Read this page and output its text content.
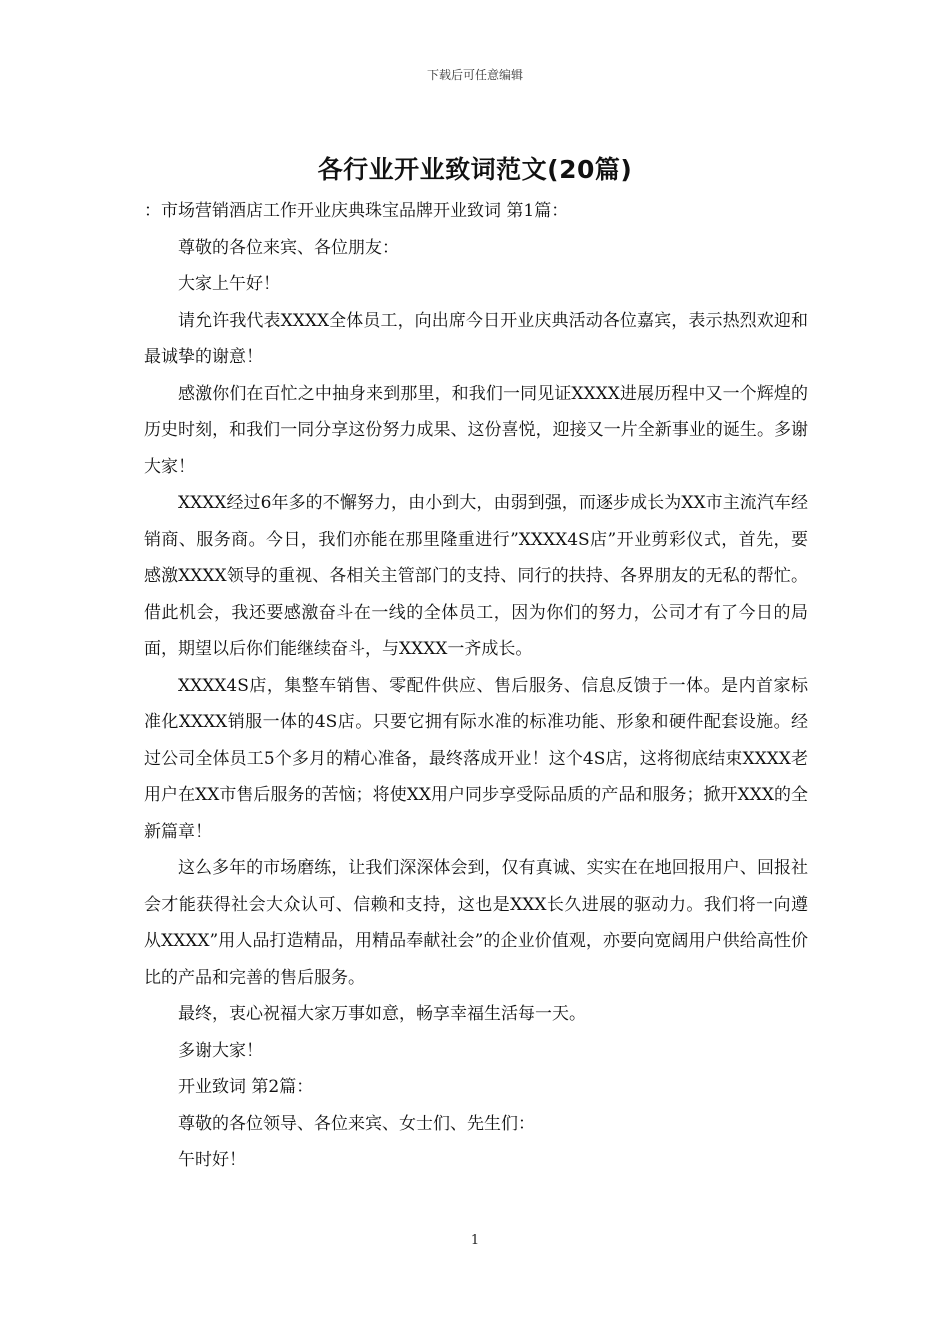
下载后可任意编辑
各行业开业致词范文(20篇)

：市场营销酒店工作开业庆典珠宝品牌开业致词 第1篇：

尊敬的各位来宾、各位朋友：

大家上午好！

请允许我代表XXXX全体员工，向出席今日开业庆典活动各位嘉宾，表示热烈欢迎和最诚挚的谢意！

感激你们在百忙之中抽身来到那里，和我们一同见证XXXX进展历程中又一个辉煌的历史时刻，和我们一同分享这份努力成果、这份喜悦，迎接又一片全新事业的诞生。多谢大家！

XXXX经过6年多的不懈努力，由小到大，由弱到强，而逐步成长为XX市主流汽车经销商、服务商。今日，我们亦能在那里隆重进行”XXXX4S店”开业剪彩仪式，首先，要感激XXXX领导的重视、各相关主管部门的支持、同行的扶持、各界朋友的无私的帮忙。借此机会，我还要感激奋斗在一线的全体员工，因为你们的努力，公司才有了今日的局面，期望以后你们能继续奋斗，与XXXX一齐成长。

XXXX4S店，集整车销售、零配件供应、售后服务、信息反馈于一体。是内首家标准化XXXX销服一体的4S店。只要它拥有际水准的标准功能、形象和硬件配套设施。经过公司全体员工5个多月的精心准备，最终落成开业！这个4S店，这将彻底结束XXXX老用户在XX市售后服务的苦恼；将使XX用户同步享受际品质的产品和服务；掀开XXX的全新篇章！

这么多年的市场磨练，让我们深深体会到，仅有真诚、实实在在地回报用户、回报社会才能获得社会大众认可、信赖和支持，这也是XXX长久进展的驱动力。我们将一向遵从XXXX”用人品打造精品，用精品奉献社会”的企业价值观，亦要向宽阔用户供给高性价比的产品和完善的售后服务。

最终，衷心祝福大家万事如意，畅享幸福生活每一天。

多谢大家！

开业致词 第2篇：

尊敬的各位领导、各位来宾、女士们、先生们：

午时好！

1
